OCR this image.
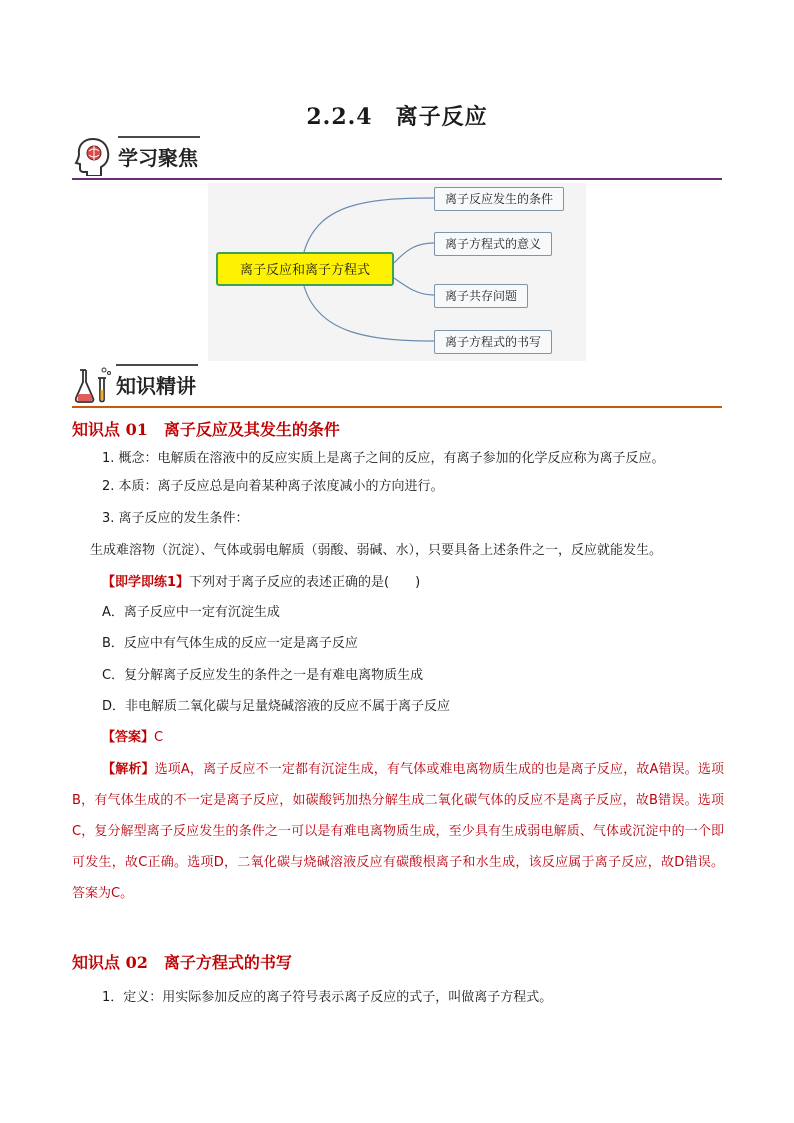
2.2.4　离子反应
学习聚焦
离子反应和离子方程式
离子反应发生的条件
离子方程式的意义
离子共存问题
离子方程式的书写
知识精讲
知识点 01　离子反应及其发生的条件
1. 概念：电解质在溶液中的反应实质上是离子之间的反应，有离子参加的化学反应称为离子反应。
2. 本质：离子反应总是向着某种离子浓度减小的方向进行。
3. 离子反应的发生条件：
生成难溶物（沉淀）、气体或弱电解质（弱酸、弱碱、水），只要具备上述条件之一，反应就能发生。
【即学即练1】下列对于离子反应的表述正确的是(　　)
A．离子反应中一定有沉淀生成
B．反应中有气体生成的反应一定是离子反应
C．复分解离子反应发生的条件之一是有难电离物质生成
D．非电解质二氧化碳与足量烧碱溶液的反应不属于离子反应
【答案】C
【解析】选项A，离子反应不一定都有沉淀生成，有气体或难电离物质生成的也是离子反应，故A错误。选项B，有气体生成的不一定是离子反应，如碳酸钙加热分解生成二氧化碳气体的反应不是离子反应，故B错误。选项C，复分解型离子反应发生的条件之一可以是有难电离物质生成，至少具有生成弱电解质、气体或沉淀中的一个即可发生，故C正确。选项D，二氧化碳与烧碱溶液反应有碳酸根离子和水生成，该反应属于离子反应，故D错误。答案为C。
知识点 02　离子方程式的书写
1．定义：用实际参加反应的离子符号表示离子反应的式子，叫做离子方程式。
